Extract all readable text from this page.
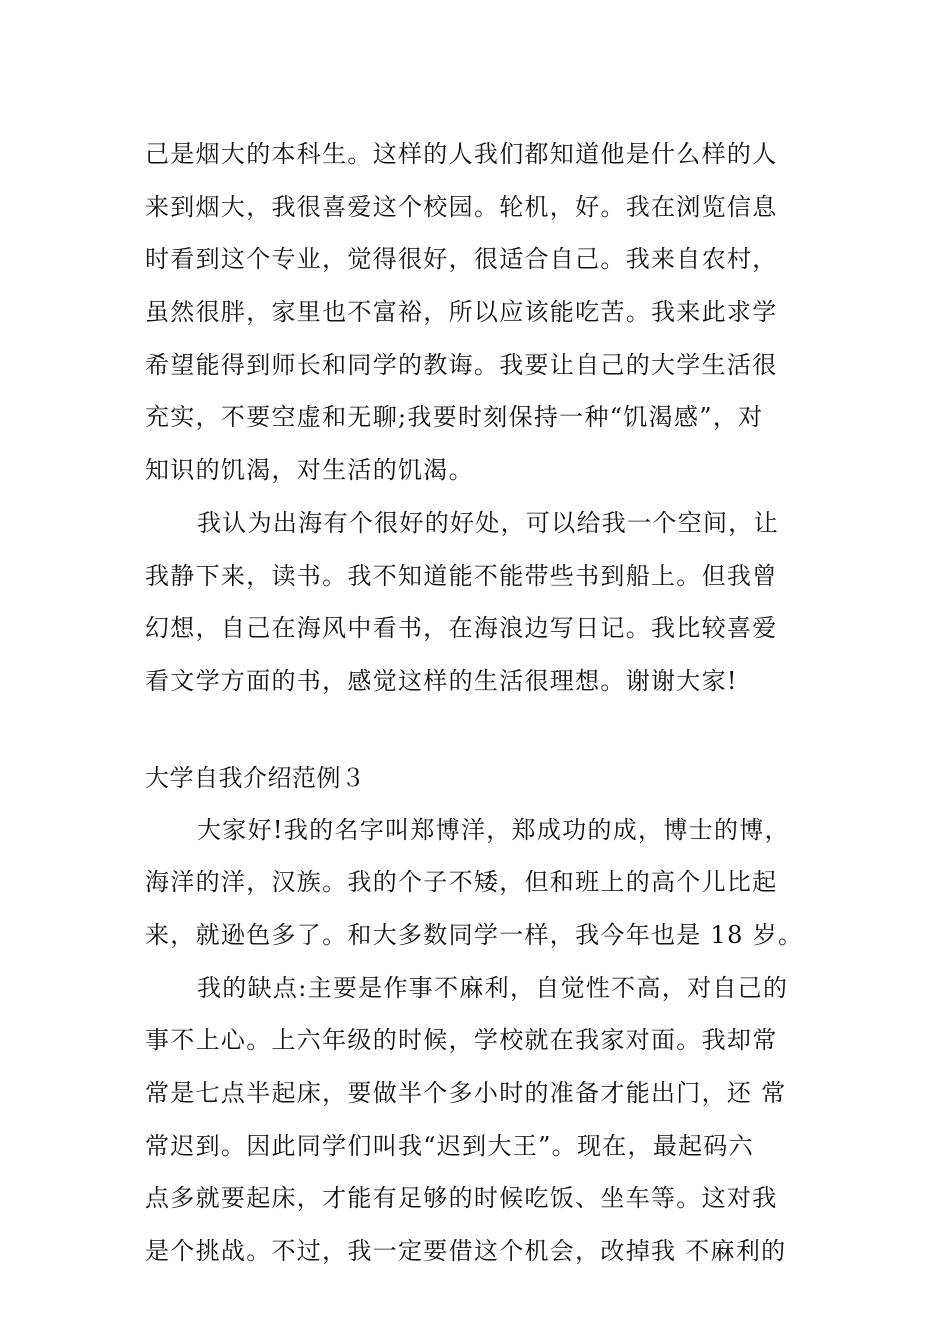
己是烟大的本科生。这样的人我们都知道他是什么样的人
来到烟大，我很喜爱这个校园。轮机，好。我在浏览信息
时看到这个专业，觉得很好，很适合自己。我来自农村，
虽然很胖，家里也不富裕，所以应该能吃苦。我来此求学
希望能得到师长和同学的教诲。我要让自己的大学生活很
充实，不要空虚和无聊;我要时刻保持一种“饥渴感”，对
知识的饥渴，对生活的饥渴。
我认为出海有个很好的好处，可以给我一个空间，让
我静下来，读书。我不知道能不能带些书到船上。但我曾
幻想，自己在海风中看书，在海浪边写日记。我比较喜爱
看文学方面的书，感觉这样的生活很理想。谢谢大家!
大学自我介绍范例３
大家好!我的名字叫郑博洋，郑成功的成，博士的博，
海洋的洋，汉族。我的个子不矮，但和班上的高个儿比起
来，就逊色多了。和大多数同学一样，我今年也是 18 岁。
我的缺点:主要是作事不麻利，自觉性不高，对自己的
事不上心。上六年级的时候，学校就在我家对面。我却常
常是七点半起床，要做半个多小时的准备才能出门，还 常
常迟到。因此同学们叫我“迟到大王”。现在，最起码六
点多就要起床，才能有足够的时候吃饭、坐车等。这对我
是个挑战。不过，我一定要借这个机会，改掉我 不麻利的
